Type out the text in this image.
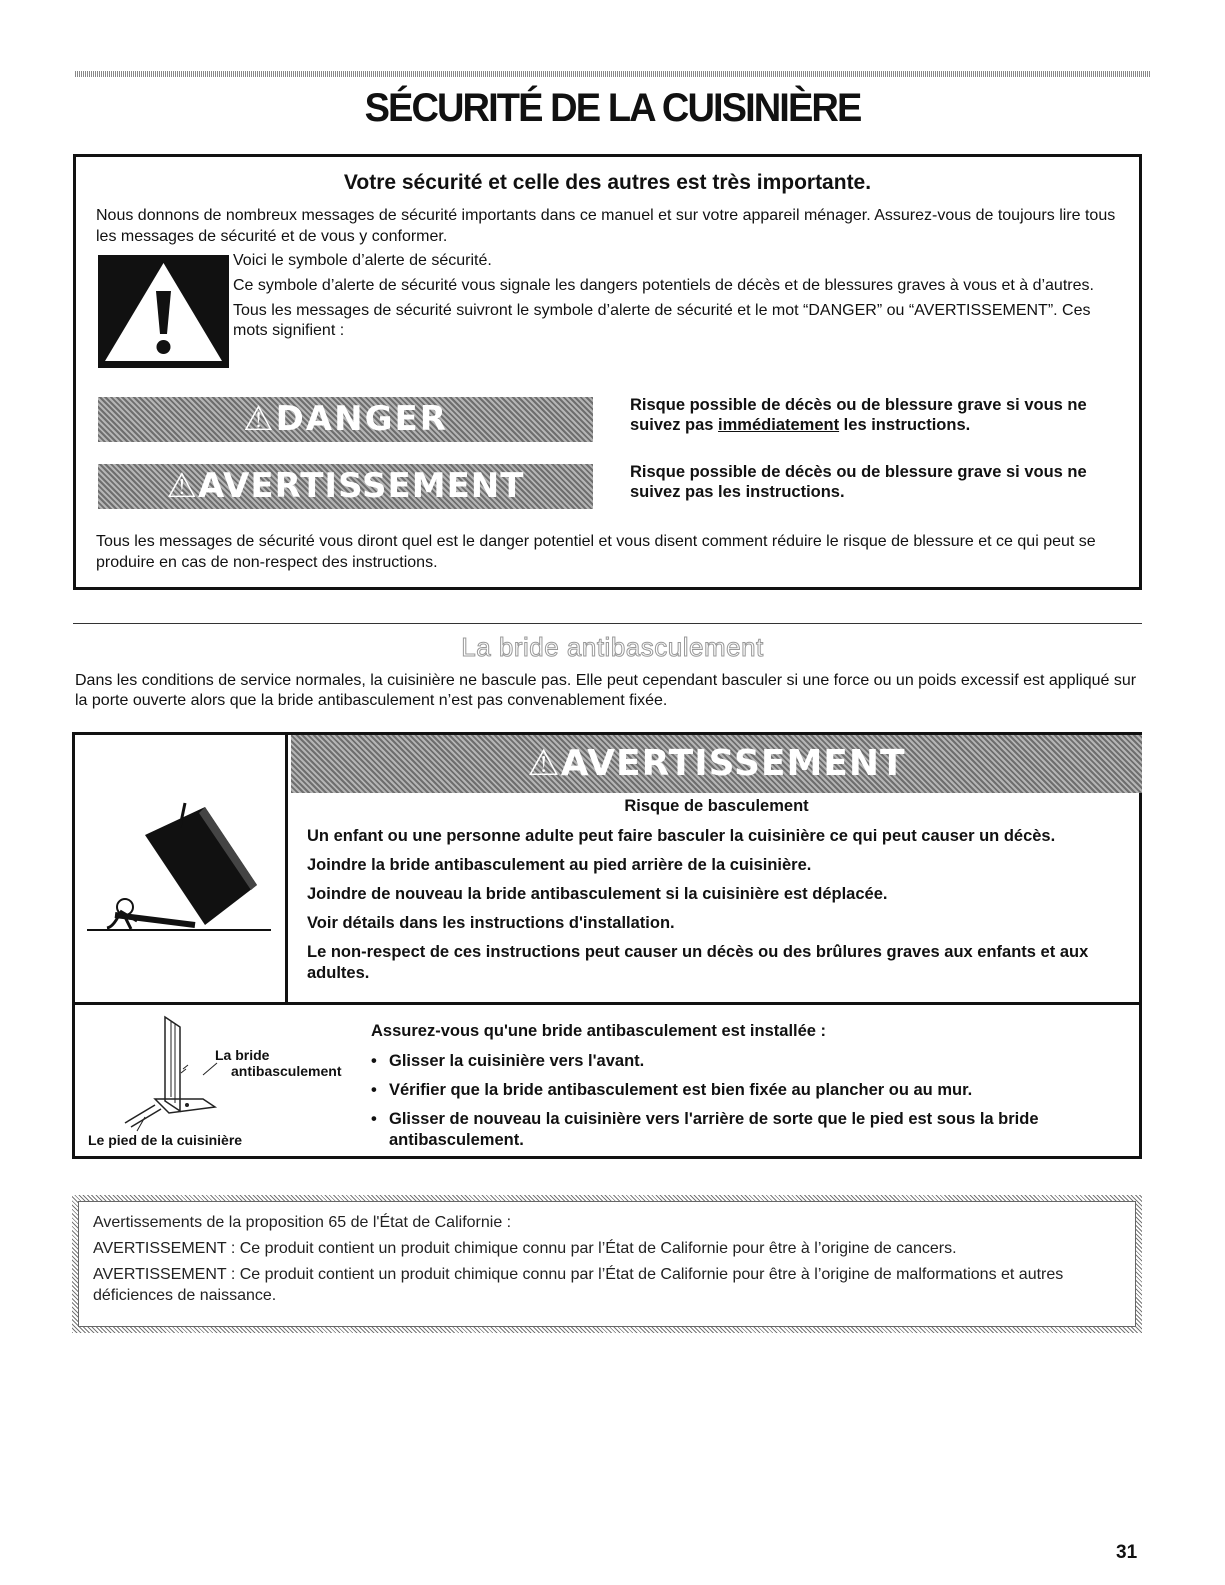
SÉCURITÉ DE LA CUISINIÈRE
Votre sécurité et celle des autres est très importante.
Nous donnons de nombreux messages de sécurité importants dans ce manuel et sur votre appareil ménager. Assurez-vous de toujours lire tous les messages de sécurité et de vous y conformer.

Voici le symbole d’alerte de sécurité.

Ce symbole d’alerte de sécurité vous signale les dangers potentiels de décès et de blessures graves à vous et à d’autres.

Tous les messages de sécurité suivront le symbole d’alerte de sécurité et le mot “DANGER” ou “AVERTISSEMENT”. Ces mots signifient :

⚠DANGER	Risque possible de décès ou de blessure grave si vous ne suivez pas immédiatement les instructions.
⚠AVERTISSEMENT	Risque possible de décès ou de blessure grave si vous ne suivez pas les instructions.
Tous les messages de sécurité vous diront quel est le danger potentiel et vous disent comment réduire le risque de blessure et ce qui peut se produire en cas de non-respect des instructions.
La bride antibasculement
Dans les conditions de service normales, la cuisinière ne bascule pas. Elle peut cependant basculer si une force ou un poids excessif est appliqué sur la porte ouverte alors que la bride antibasculement n’est pas convenablement fixée.
⚠AVERTISSEMENT
Risque de basculement

Un enfant ou une personne adulte peut faire basculer la cuisinière ce qui peut causer un décès.

Joindre la bride antibasculement au pied arrière de la cuisinière.

Joindre de nouveau la bride antibasculement si la cuisinière est déplacée.

Voir détails dans les instructions d'installation.

Le non-respect de ces instructions peut causer un décès ou des brûlures graves aux enfants et aux adultes.

La bride
antibasculement
Le pied de la cuisinière
Assurez-vous qu'une bride antibasculement est installée :
• Glisser la cuisinière vers l'avant.
• Vérifier que la bride antibasculement est bien fixée au plancher ou au mur.
• Glisser de nouveau la cuisinière vers l'arrière de sorte que le pied est sous la bride antibasculement.

Avertissements de la proposition 65 de l'État de Californie :

AVERTISSEMENT : Ce produit contient un produit chimique connu par l’État de Californie pour être à l’origine de cancers.

AVERTISSEMENT : Ce produit contient un produit chimique connu par l’État de Californie pour être à l’origine de malformations et autres déficiences de naissance.

31
